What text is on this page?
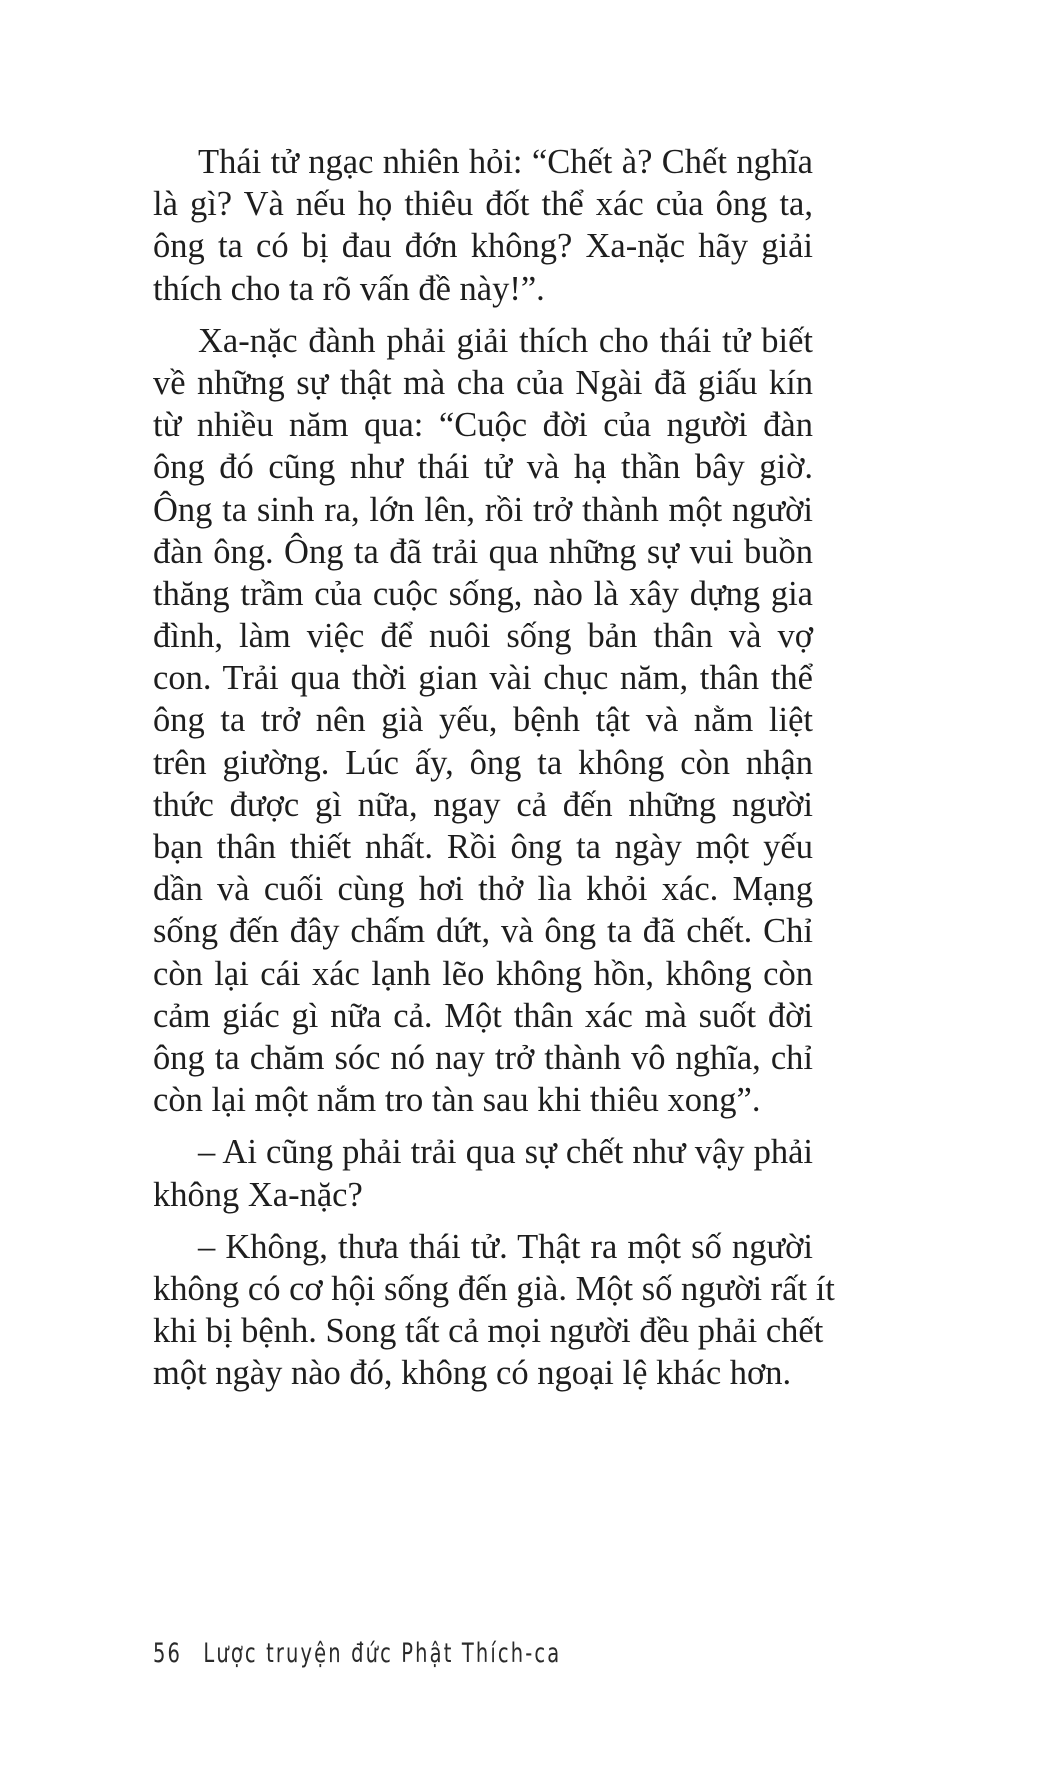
Thái tử ngạc nhiên hỏi: “Chết à? Chết nghĩa
là gì? Và nếu họ thiêu đốt thể xác của ông ta,
ông ta có bị đau đớn không? Xa-nặc hãy giải
thích cho ta rõ vấn đề này!”.

Xa-nặc đành phải giải thích cho thái tử biết
về những sự thật mà cha của Ngài đã giấu kín
từ nhiều năm qua: “Cuộc đời của người đàn
ông đó cũng như thái tử và hạ thần bây giờ.
Ông ta sinh ra, lớn lên, rồi trở thành một người
đàn ông. Ông ta đã trải qua những sự vui buồn
thăng trầm của cuộc sống, nào là xây dựng gia
đình, làm việc để nuôi sống bản thân và vợ
con. Trải qua thời gian vài chục năm, thân thể
ông ta trở nên già yếu, bệnh tật và nằm liệt
trên giường. Lúc ấy, ông ta không còn nhận
thức được gì nữa, ngay cả đến những người
bạn thân thiết nhất. Rồi ông ta ngày một yếu
dần và cuối cùng hơi thở lìa khỏi xác. Mạng
sống đến đây chấm dứt, và ông ta đã chết. Chỉ
còn lại cái xác lạnh lẽo không hồn, không còn
cảm giác gì nữa cả. Một thân xác mà suốt đời
ông ta chăm sóc nó nay trở thành vô nghĩa, chỉ
còn lại một nắm tro tàn sau khi thiêu xong”.

– Ai cũng phải trải qua sự chết như vậy phải
không Xa-nặc?

– Không, thưa thái tử. Thật ra một số người
không có cơ hội sống đến già. Một số người rất ít
khi bị bệnh. Song tất cả mọi người đều phải chết
một ngày nào đó, không có ngoại lệ khác hơn.

56 Lược truyện đức Phật Thích-ca
